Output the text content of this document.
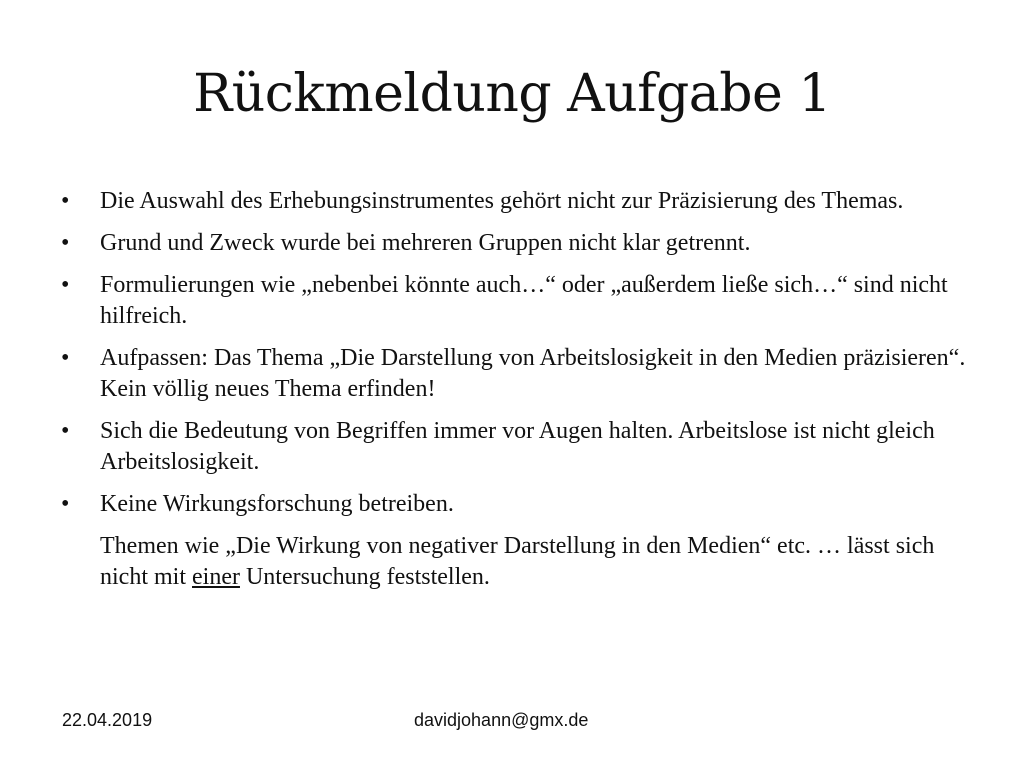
Rückmeldung Aufgabe 1
•	Die Auswahl des Erhebungsinstrumentes gehört nicht zur Präzisierung des Themas.
•	Grund und Zweck wurde bei mehreren Gruppen nicht klar getrennt.
•	Formulierungen wie „nebenbei könnte auch…“ oder „außerdem ließe sich…“ sind nicht hilfreich.
•	Aufpassen: Das Thema „Die Darstellung von Arbeitslosigkeit in den Medien präzisieren“. Kein völlig neues Thema erfinden!
•	Sich die Bedeutung von Begriffen immer vor Augen halten. Arbeitslose ist nicht gleich Arbeitslosigkeit.
•	Keine Wirkungsforschung betreiben.

Themen wie „Die Wirkung von negativer Darstellung in den Medien“ etc. … lässt sich nicht mit einer Untersuchung feststellen.

22.04.2019	davidjohann@gmx.de
